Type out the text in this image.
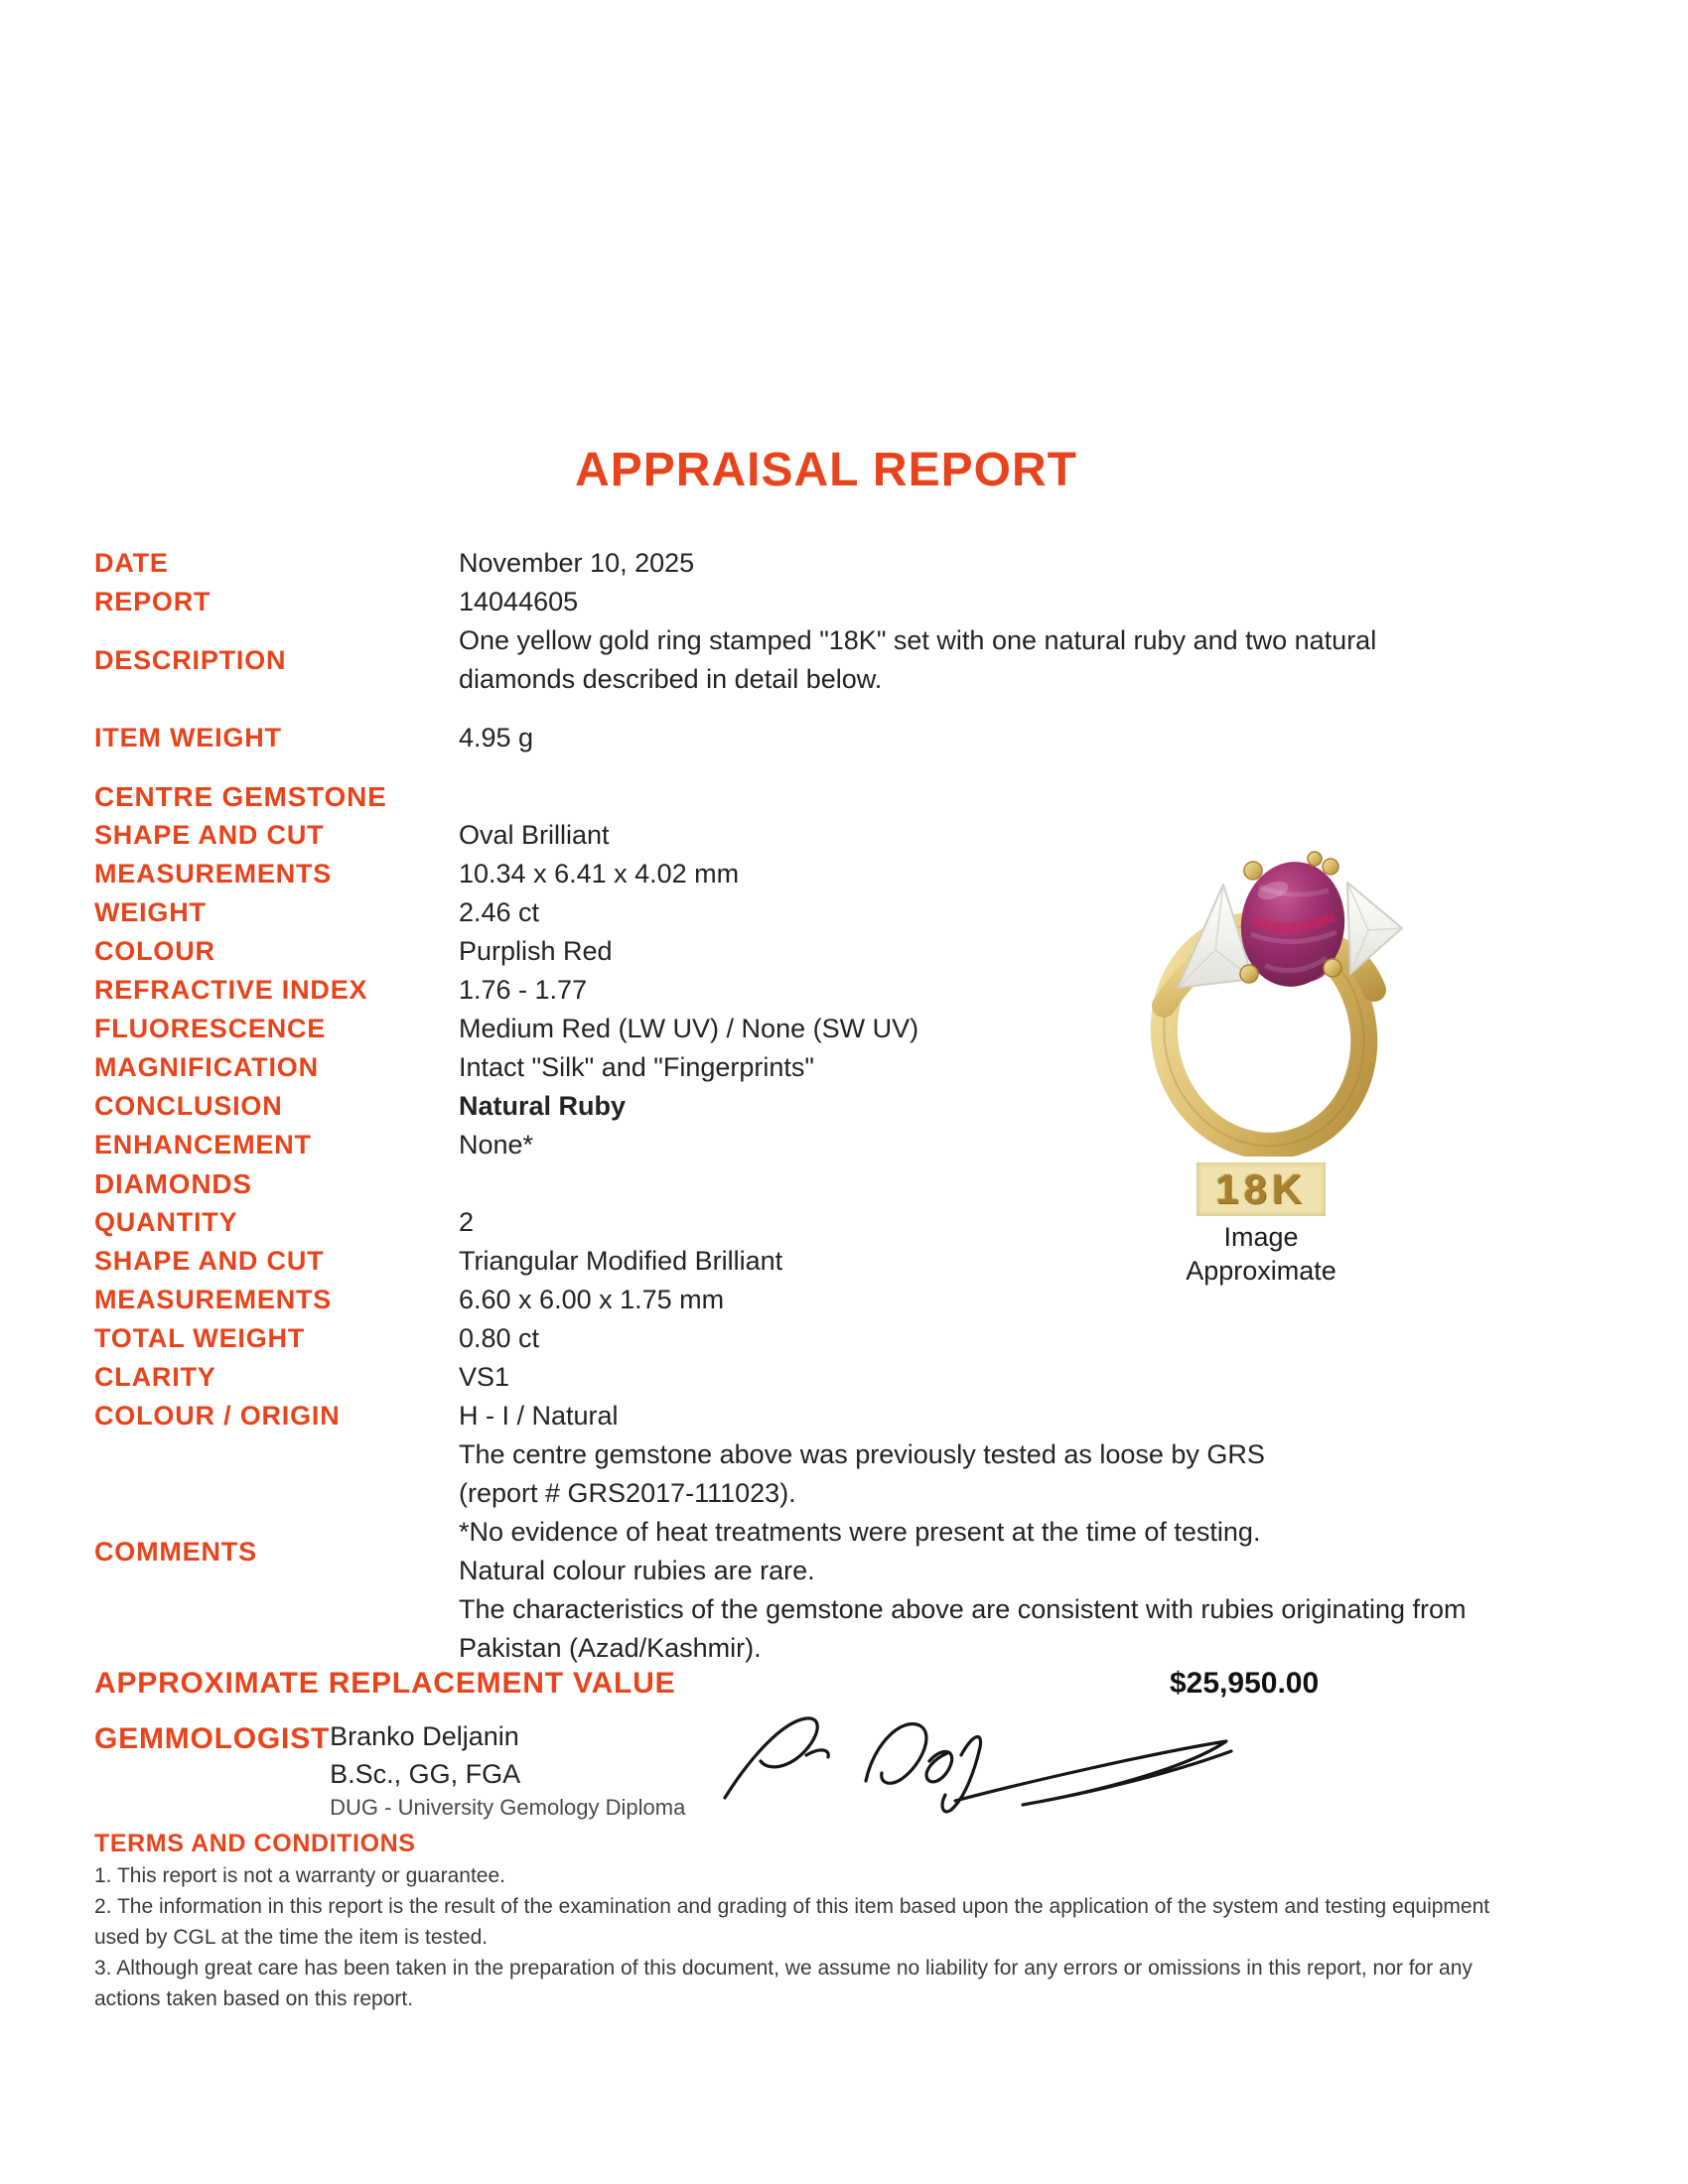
APPRAISAL REPORT
DATE	November 10, 2025
REPORT	14044605
DESCRIPTION
One yellow gold ring stamped "18K" set with one natural ruby and two natural
diamonds described in detail below.
ITEM WEIGHT	4.95 g
CENTRE GEMSTONE
SHAPE AND CUT	Oval Brilliant
MEASUREMENTS	10.34 x 6.41 x 4.02 mm
WEIGHT	2.46 ct
COLOUR	Purplish Red
REFRACTIVE INDEX	1.76 - 1.77
FLUORESCENCE	Medium Red (LW UV) / None (SW UV)
MAGNIFICATION	Intact "Silk" and "Fingerprints"
CONCLUSION	Natural Ruby
ENHANCEMENT	None*
DIAMONDS
QUANTITY	2
SHAPE AND CUT	Triangular Modified Brilliant
MEASUREMENTS	6.60 x 6.00 x 1.75 mm
TOTAL WEIGHT	0.80 ct
CLARITY	VS1
COLOUR / ORIGIN	H - I / Natural
COMMENTS
The centre gemstone above was previously tested as loose by GRS
(report # GRS2017-111023).
*No evidence of heat treatments were present at the time of testing.
Natural colour rubies are rare.
The characteristics of the gemstone above are consistent with rubies originating from
Pakistan (Azad/Kashmir).
APPROXIMATE REPLACEMENT VALUE	$25,950.00
GEMMOLOGIST Branko Deljanin
B.Sc., GG, FGA
DUG - University Gemology Diploma
TERMS AND CONDITIONS
1. This report is not a warranty or guarantee.
2. The information in this report is the result of the examination and grading of this item based upon the application of the system and testing equipment
used by CGL at the time the item is tested.
3. Although great care has been taken in the preparation of this document, we assume no liability for any errors or omissions in this report, nor for any
actions taken based on this report.
18K
Image
Approximate
